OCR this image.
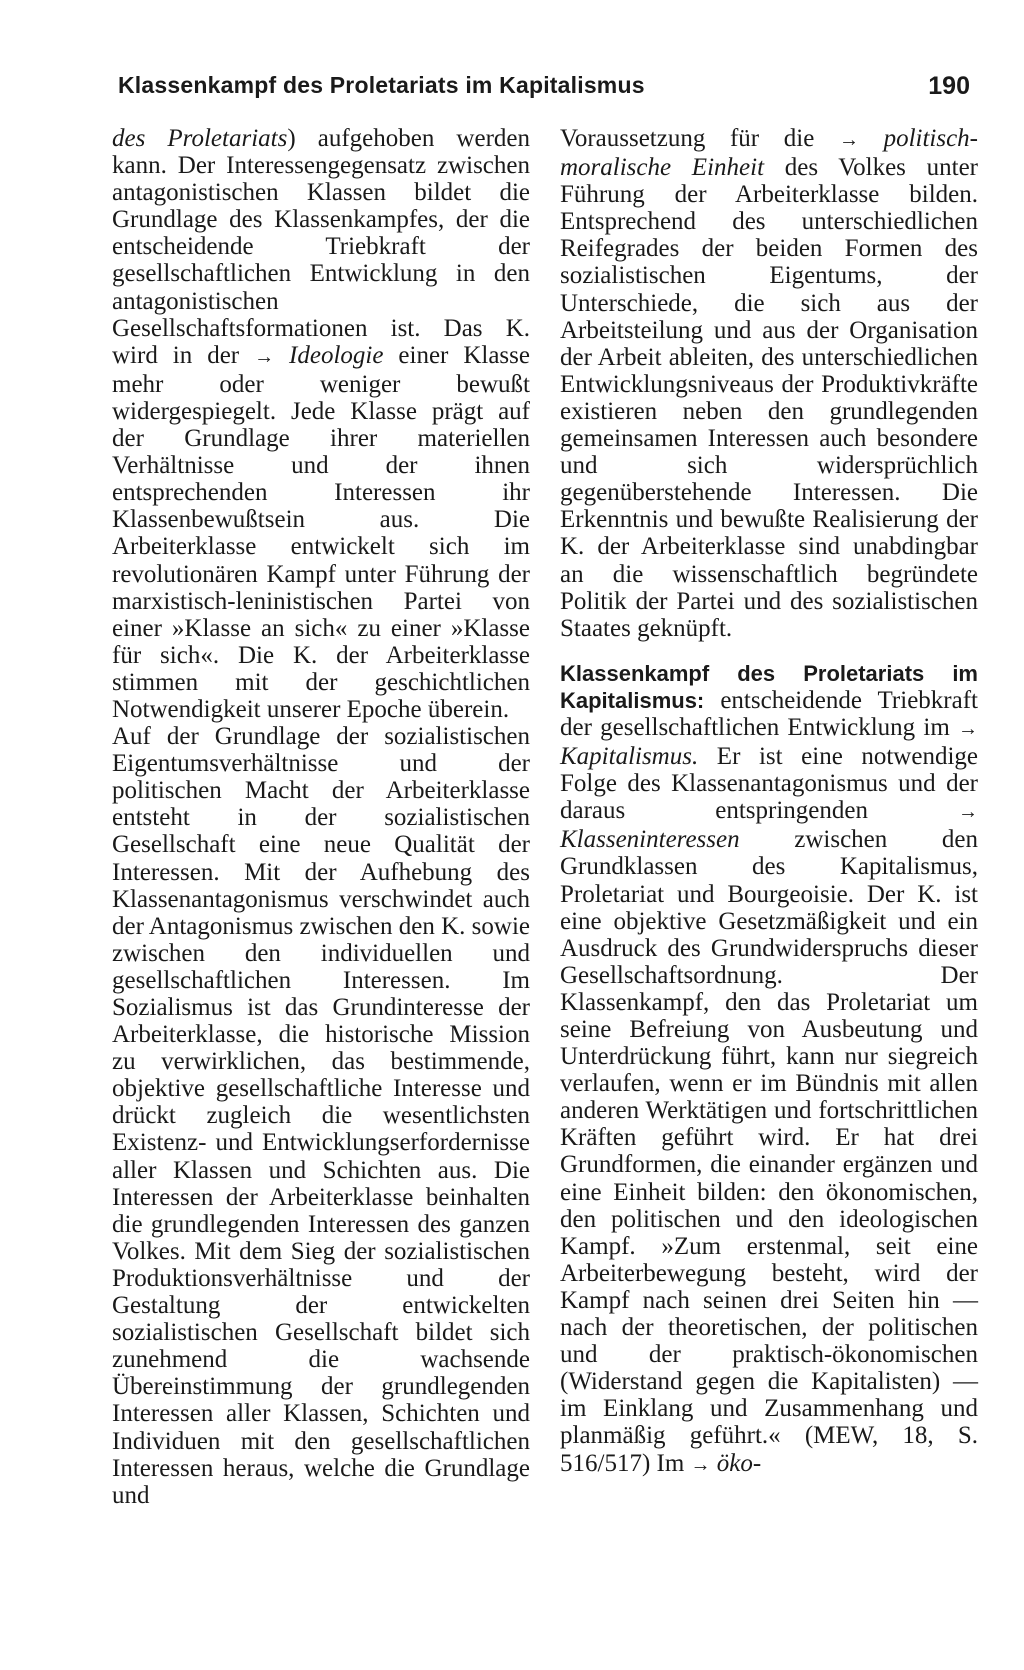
Klassenkampf des Proletariats im Kapitalismus	190

des Proletariats) aufgehoben werden kann. Der Interessengegensatz zwischen antagonistischen Klassen bildet die Grundlage des Klassenkampfes, der die entscheidende Triebkraft der gesellschaftlichen Entwicklung in den antagonistischen Gesellschaftsformationen ist. Das K. wird in der → Ideologie einer Klasse mehr oder weniger bewußt widergespiegelt. Jede Klasse prägt auf der Grundlage ihrer materiellen Verhältnisse und der ihnen entsprechenden Interessen ihr Klassenbewußtsein aus. Die Arbeiterklasse entwickelt sich im revolutionären Kampf unter Führung der marxistisch-leninistischen Partei von einer »Klasse an sich« zu einer »Klasse für sich«. Die K. der Arbeiterklasse stimmen mit der geschichtlichen Notwendigkeit unserer Epoche überein.

Auf der Grundlage der sozialistischen Eigentumsverhältnisse und der politischen Macht der Arbeiterklasse entsteht in der sozialistischen Gesellschaft eine neue Qualität der Interessen. Mit der Aufhebung des Klassenantagonismus verschwindet auch der Antagonismus zwischen den K. sowie zwischen den individuellen und gesellschaftlichen Interessen. Im Sozialismus ist das Grundinteresse der Arbeiterklasse, die historische Mission zu verwirklichen, das bestimmende, objektive gesellschaftliche Interesse und drückt zugleich die wesentlichsten Existenz- und Entwicklungserfordernisse aller Klassen und Schichten aus. Die Interessen der Arbeiterklasse beinhalten die grundlegenden Interessen des ganzen Volkes. Mit dem Sieg der sozialistischen Produktionsverhältnisse und der Gestaltung der entwickelten sozialistischen Gesellschaft bildet sich zunehmend die wachsende Übereinstimmung der grundlegenden Interessen aller Klassen, Schichten und Individuen mit den gesellschaftlichen Interessen heraus, welche die Grundlage und

Voraussetzung für die → politisch-moralische Einheit des Volkes unter Führung der Arbeiterklasse bilden. Entsprechend des unterschiedlichen Reifegrades der beiden Formen des sozialistischen Eigentums, der Unterschiede, die sich aus der Arbeitsteilung und aus der Organisation der Arbeit ableiten, des unterschiedlichen Entwicklungsniveaus der Produktivkräfte existieren neben den grundlegenden gemeinsamen Interessen auch besondere und sich widersprüchlich gegenüberstehende Interessen. Die Erkenntnis und bewußte Realisierung der K. der Arbeiterklasse sind unabdingbar an die wissenschaftlich begründete Politik der Partei und des sozialistischen Staates geknüpft.

Klassenkampf des Proletariats im Kapitalismus: entscheidende Triebkraft der gesellschaftlichen Entwicklung im → Kapitalismus. Er ist eine notwendige Folge des Klassenantagonismus und der daraus entspringenden → Klasseninteressen zwischen den Grundklassen des Kapitalismus, Proletariat und Bourgeoisie. Der K. ist eine objektive Gesetzmäßigkeit und ein Ausdruck des Grundwiderspruchs dieser Gesellschaftsordnung. Der Klassenkampf, den das Proletariat um seine Befreiung von Ausbeutung und Unterdrückung führt, kann nur siegreich verlaufen, wenn er im Bündnis mit allen anderen Werktätigen und fortschrittlichen Kräften geführt wird. Er hat drei Grundformen, die einander ergänzen und eine Einheit bilden: den ökonomischen, den politischen und den ideologischen Kampf. »Zum erstenmal, seit eine Arbeiterbewegung besteht, wird der Kampf nach seinen drei Seiten hin — nach der theoretischen, der politischen und der praktisch-ökonomischen (Widerstand gegen die Kapitalisten) — im Einklang und Zusammenhang und planmäßig geführt.« (MEW, 18, S. 516/517) Im → öko-
